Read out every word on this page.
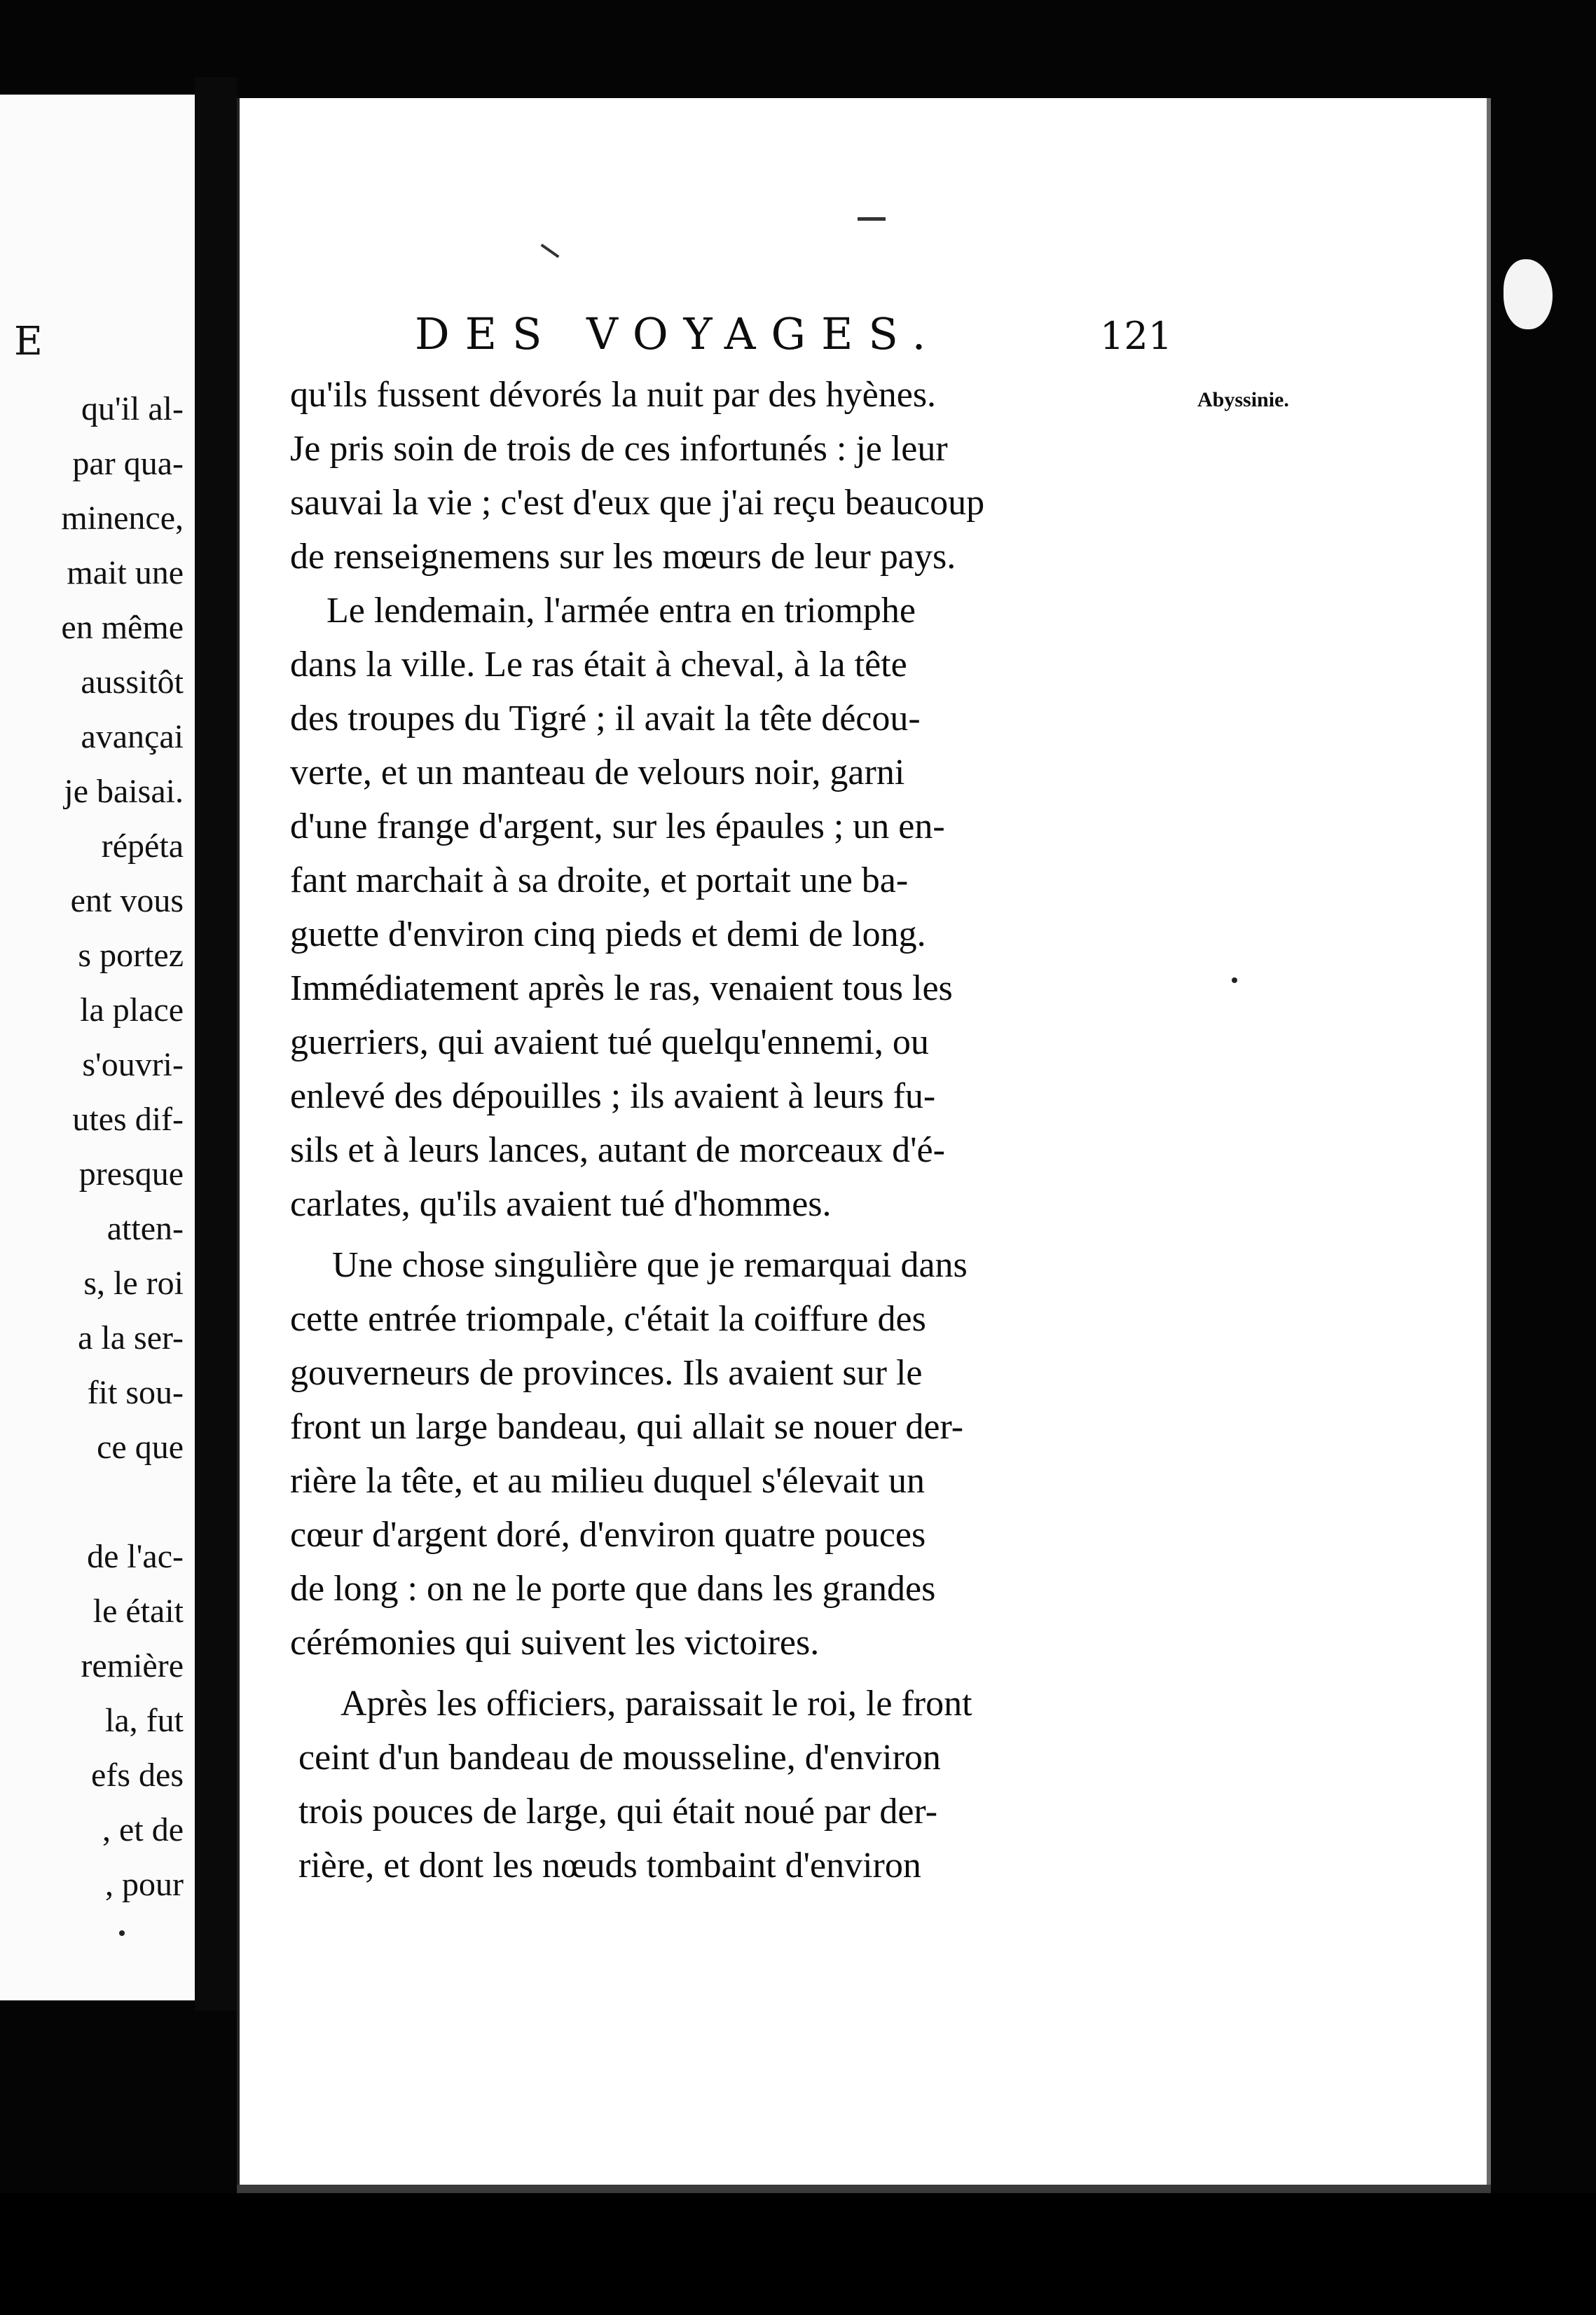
E
qu'il al-
par qua-
minence,
mait une
en même
aussitôt
avançai
je baisai.
répéta
ent vous
s portez
la place
s'ouvri-
utes dif-
presque
atten-
s, le roi
a la ser-
fit sou-
ce que

de l'ac-
le était
remière
la, fut
efs des
, et de
, pour
DES VOYAGES.	121
Abyssinie.
qu'ils fussent dévorés la nuit par des hyènes.
Je pris soin de trois de ces infortunés : je leur
sauvai la vie ; c'est d'eux que j'ai reçu beaucoup
de renseignemens sur les mœurs de leur pays.
Le lendemain, l'armée entra en triomphe
dans la ville. Le ras était à cheval, à la tête
des troupes du Tigré ; il avait la tête décou-
verte, et un manteau de velours noir, garni
d'une frange d'argent, sur les épaules ; un en-
fant marchait à sa droite, et portait une ba-
guette d'environ cinq pieds et demi de long.
Immédiatement après le ras, venaient tous les
guerriers, qui avaient tué quelqu'ennemi, ou
enlevé des dépouilles ; ils avaient à leurs fu-
sils et à leurs lances, autant de morceaux d'é-
carlates, qu'ils avaient tué d'hommes.
Une chose singulière que je remarquai dans
cette entrée triompale, c'était la coiffure des
gouverneurs de provinces. Ils avaient sur le
front un large bandeau, qui allait se nouer der-
rière la tête, et au milieu duquel s'élevait un
cœur d'argent doré, d'environ quatre pouces
de long : on ne le porte que dans les grandes
cérémonies qui suivent les victoires.
Après les officiers, paraissait le roi, le front
ceint d'un bandeau de mousseline, d'environ
trois pouces de large, qui était noué par der-
rière, et dont les nœuds tombaint d'environ
